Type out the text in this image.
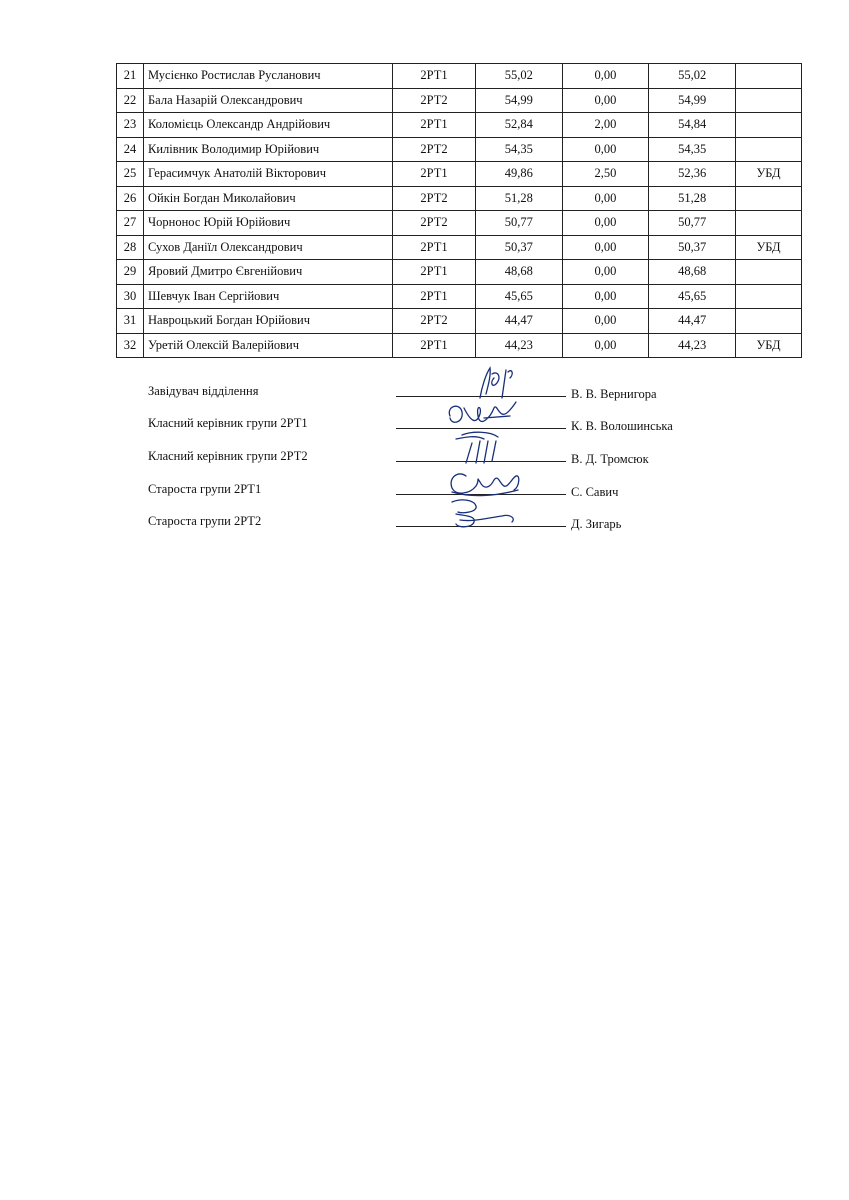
21	Мусієнко Ростислав Русланович	2РТ1	55,02	0,00	55,02	
22	Бала Назарій Олександрович	2РТ2	54,99	0,00	54,99	
23	Коломієць Олександр Андрійович	2РТ1	52,84	2,00	54,84	
24	Килівник Володимир Юрійович	2РТ2	54,35	0,00	54,35	
25	Герасимчук Анатолій Вікторович	2РТ1	49,86	2,50	52,36	УБД
26	Ойкін Богдан Миколайович	2РТ2	51,28	0,00	51,28	
27	Чорнонос Юрій Юрійович	2РТ2	50,77	0,00	50,77	
28	Сухов Даніїл Олександрович	2РТ1	50,37	0,00	50,37	УБД
29	Яровий Дмитро Євгенійович	2РТ1	48,68	0,00	48,68	
30	Шевчук Іван Сергійович	2РТ1	45,65	0,00	45,65	
31	Навроцький Богдан Юрійович	2РТ2	44,47	0,00	44,47	
32	Уретій Олексій Валерійович	2РТ1	44,23	0,00	44,23	УБД
Завідувач відділення	В. В. Вернигора
Класний керівник групи 2РТ1	К. В. Волошинська
Класний керівник групи 2РТ2	В. Д. Тромсюк
Староста групи 2РТ1	С. Савич
Староста групи 2РТ2	Д. Зигарь
